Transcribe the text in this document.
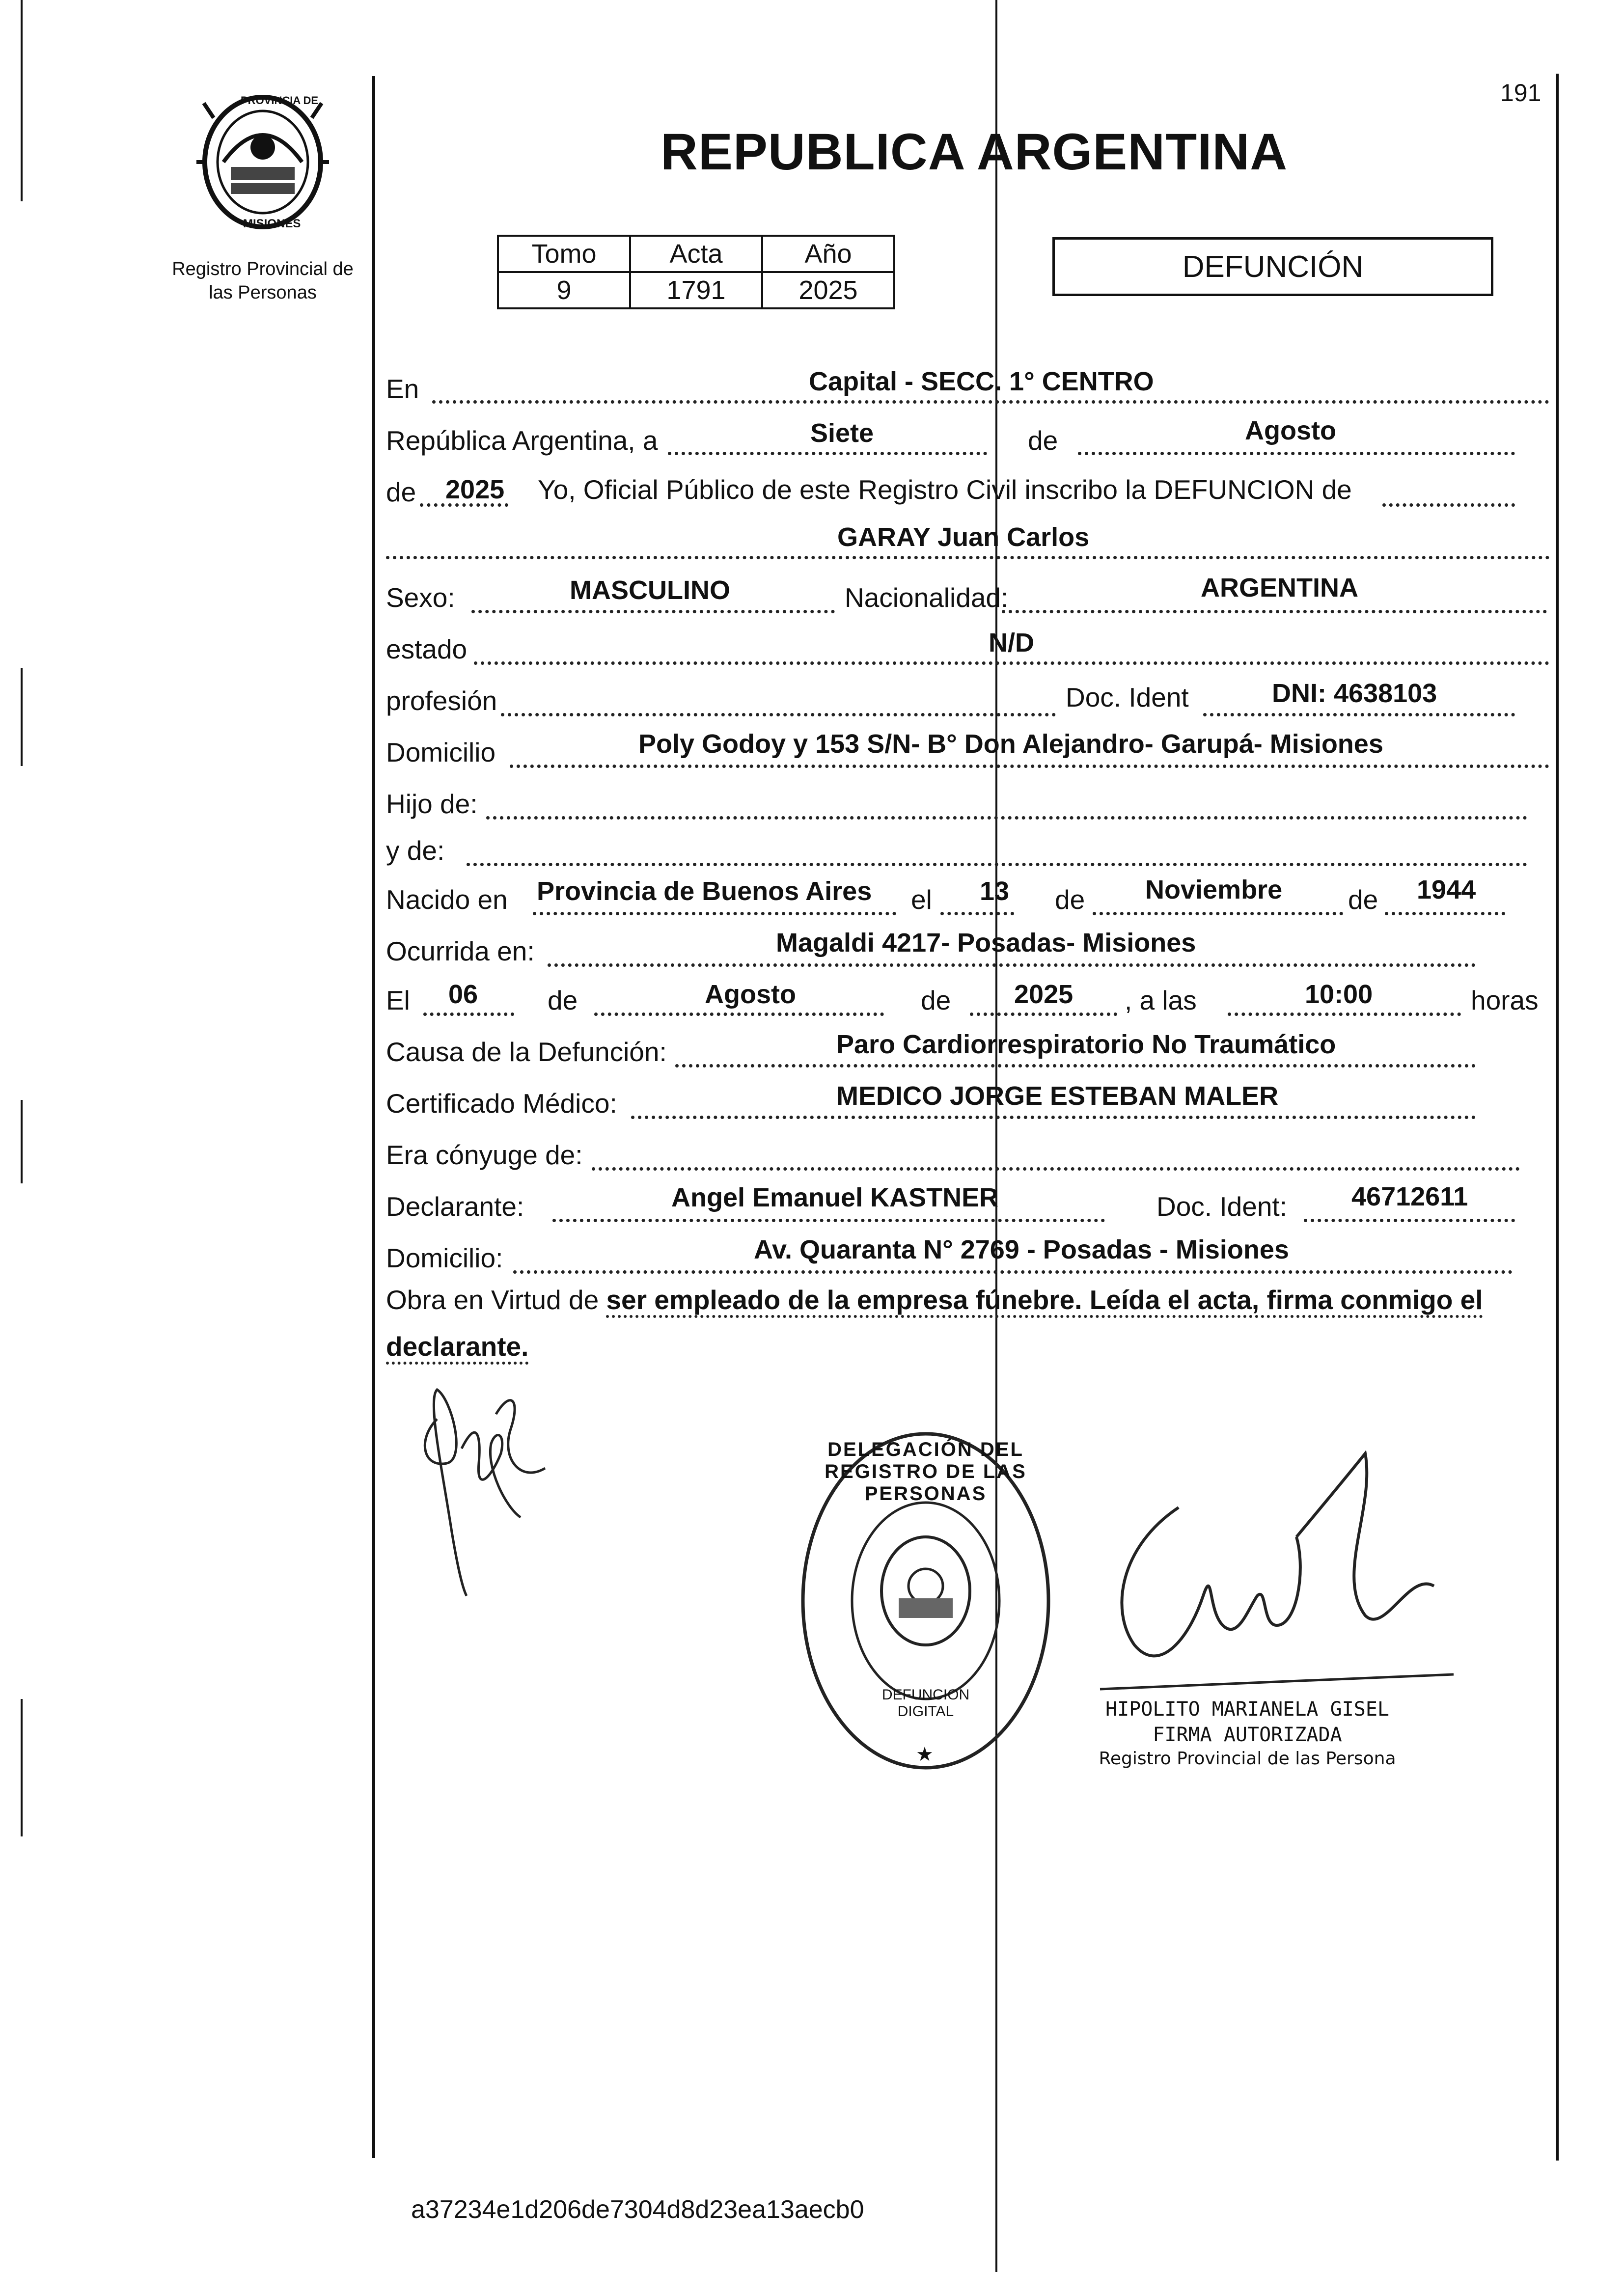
191
PROVINCIA DE
MISIONES
Registro Provincial de
las Personas
REPUBLICA ARGENTINA
Tomo	Acta	Año
9	1791	2025
DEFUNCIÓN
En	Capital - SECC. 1° CENTRO
República Argentina, a	Siete	de	Agosto
de 2025 Yo, Oficial Público de este Registro Civil inscribo la DEFUNCION de
GARAY Juan Carlos
Sexo:	MASCULINO	Nacionalidad:	ARGENTINA
estado	N/D
profesión	Doc. Ident	DNI: 4638103
Domicilio	Poly Godoy y 153 S/N- B° Don Alejandro- Garupá- Misiones
Hijo de:
y de:
Nacido en Provincia de Buenos Aires el 13 de Noviembre de 1944
Ocurrida en:	Magaldi 4217- Posadas- Misiones
El 06	de	Agosto	de 2025 , a las	10:00	horas
Causa de la Defunción:	Paro Cardiorrespiratorio No Traumático
Certificado Médico:	MEDICO JORGE ESTEBAN MALER
Era cónyuge de:
Declarante:	Angel Emanuel KASTNER	Doc. Ident: 46712611
Domicilio:	Av. Quaranta N° 2769 - Posadas - Misiones
Obra en Virtud de ser empleado de la empresa fúnebre. Leída el acta, firma conmigo el
declarante.
DELEGACIÓN DEL REGISTRO DE LAS PERSONAS
DEFUNCION DIGITAL
★
HIPOLITO MARIANELA GISEL
FIRMA AUTORIZADA
Registro Provincial de las Persona
a37234e1d206de7304d8d23ea13aecb0
